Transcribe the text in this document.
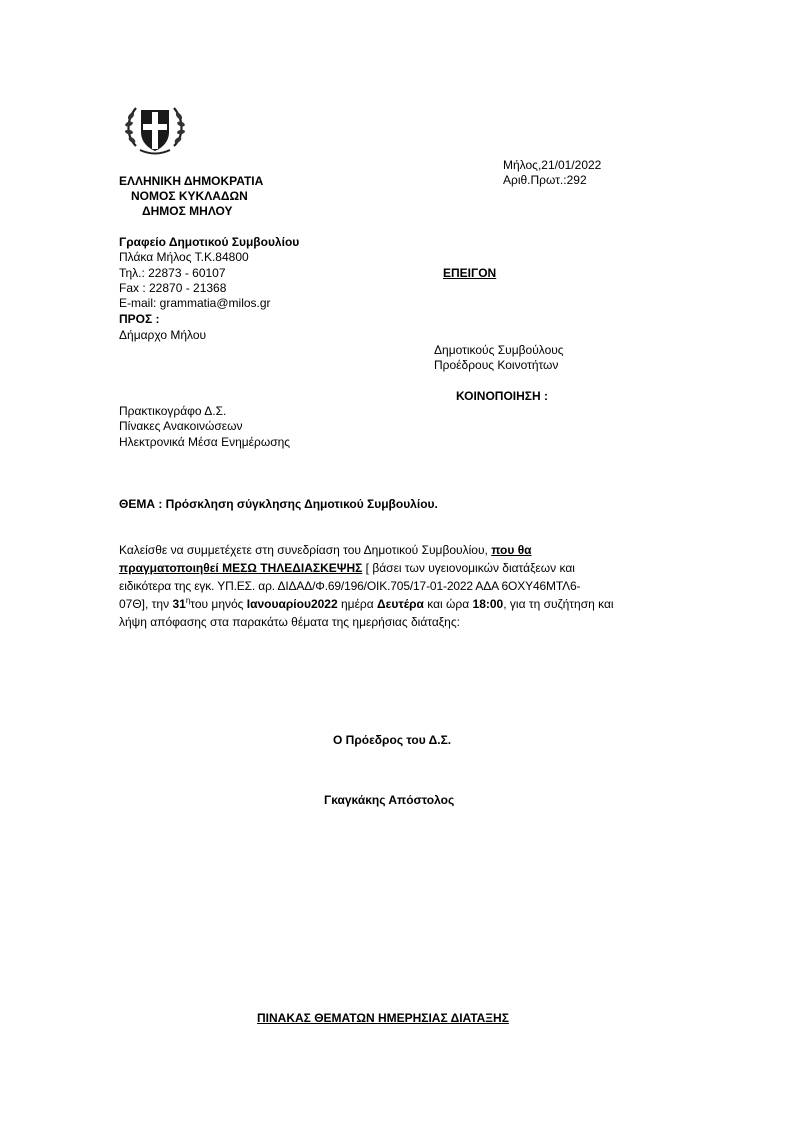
Μήλος,21/01/2022
Αριθ.Πρωτ.:292
ΕΛΛΗΝΙΚΗ ΔΗΜΟΚΡΑΤΙΑ
ΝΟΜΟΣ ΚΥΚΛΑΔΩΝ
ΔΗΜΟΣ ΜΗΛΟΥ
Γραφείο Δημοτικού Συμβουλίου
Πλάκα Μήλος Τ.Κ.84800
Τηλ.: 22873 - 60107
Fax : 22870 - 21368
E-mail: grammatia@milos.gr
ΕΠΕΙΓΟΝ
ΠΡΟΣ :
Δήμαρχο Μήλου
Δημοτικούς Συμβούλους
Προέδρους Κοινοτήτων
ΚΟΙΝΟΠΟΙΗΣΗ :
Πρακτικογράφο Δ.Σ.
Πίνακες Ανακοινώσεων
Ηλεκτρονικά Μέσα Ενημέρωσης
ΘΕΜΑ : Πρόσκληση σύγκλησης Δημοτικού Συμβουλίου.
Καλείσθε να συμμετέχετε στη συνεδρίαση του Δημοτικού Συμβουλίου, που θα
πραγματοποιηθεί ΜΕΣΩ ΤΗΛΕΔΙΑΣΚΕΨΗΣ [ βάσει των υγειονομικών διατάξεων και
ειδικότερα της εγκ. ΥΠ.ΕΣ. αρ. ΔΙΔΑΔ/Φ.69/196/ΟΙΚ.705/17-01-2022 ΑΔΑ 6ΟΧΥ46ΜΤΛ6-
07Θ], την $31^\eta\tau o\upsilon$ μηνός Ιανουαρίου2022 ημέρα Δευτέρα και ώρα 18:00, για τη συζήτηση και
λήψη απόφασης στα παρακάτω θέματα της ημερήσιας διάταξης:
Ο Πρόεδρος του Δ.Σ.
Γκαγκάκης Απόστολος
ΠΙΝΑΚΑΣ ΘΕΜΑΤΩΝ ΗΜΕΡΗΣΙΑΣ ΔΙΑΤΑΞΗΣ
